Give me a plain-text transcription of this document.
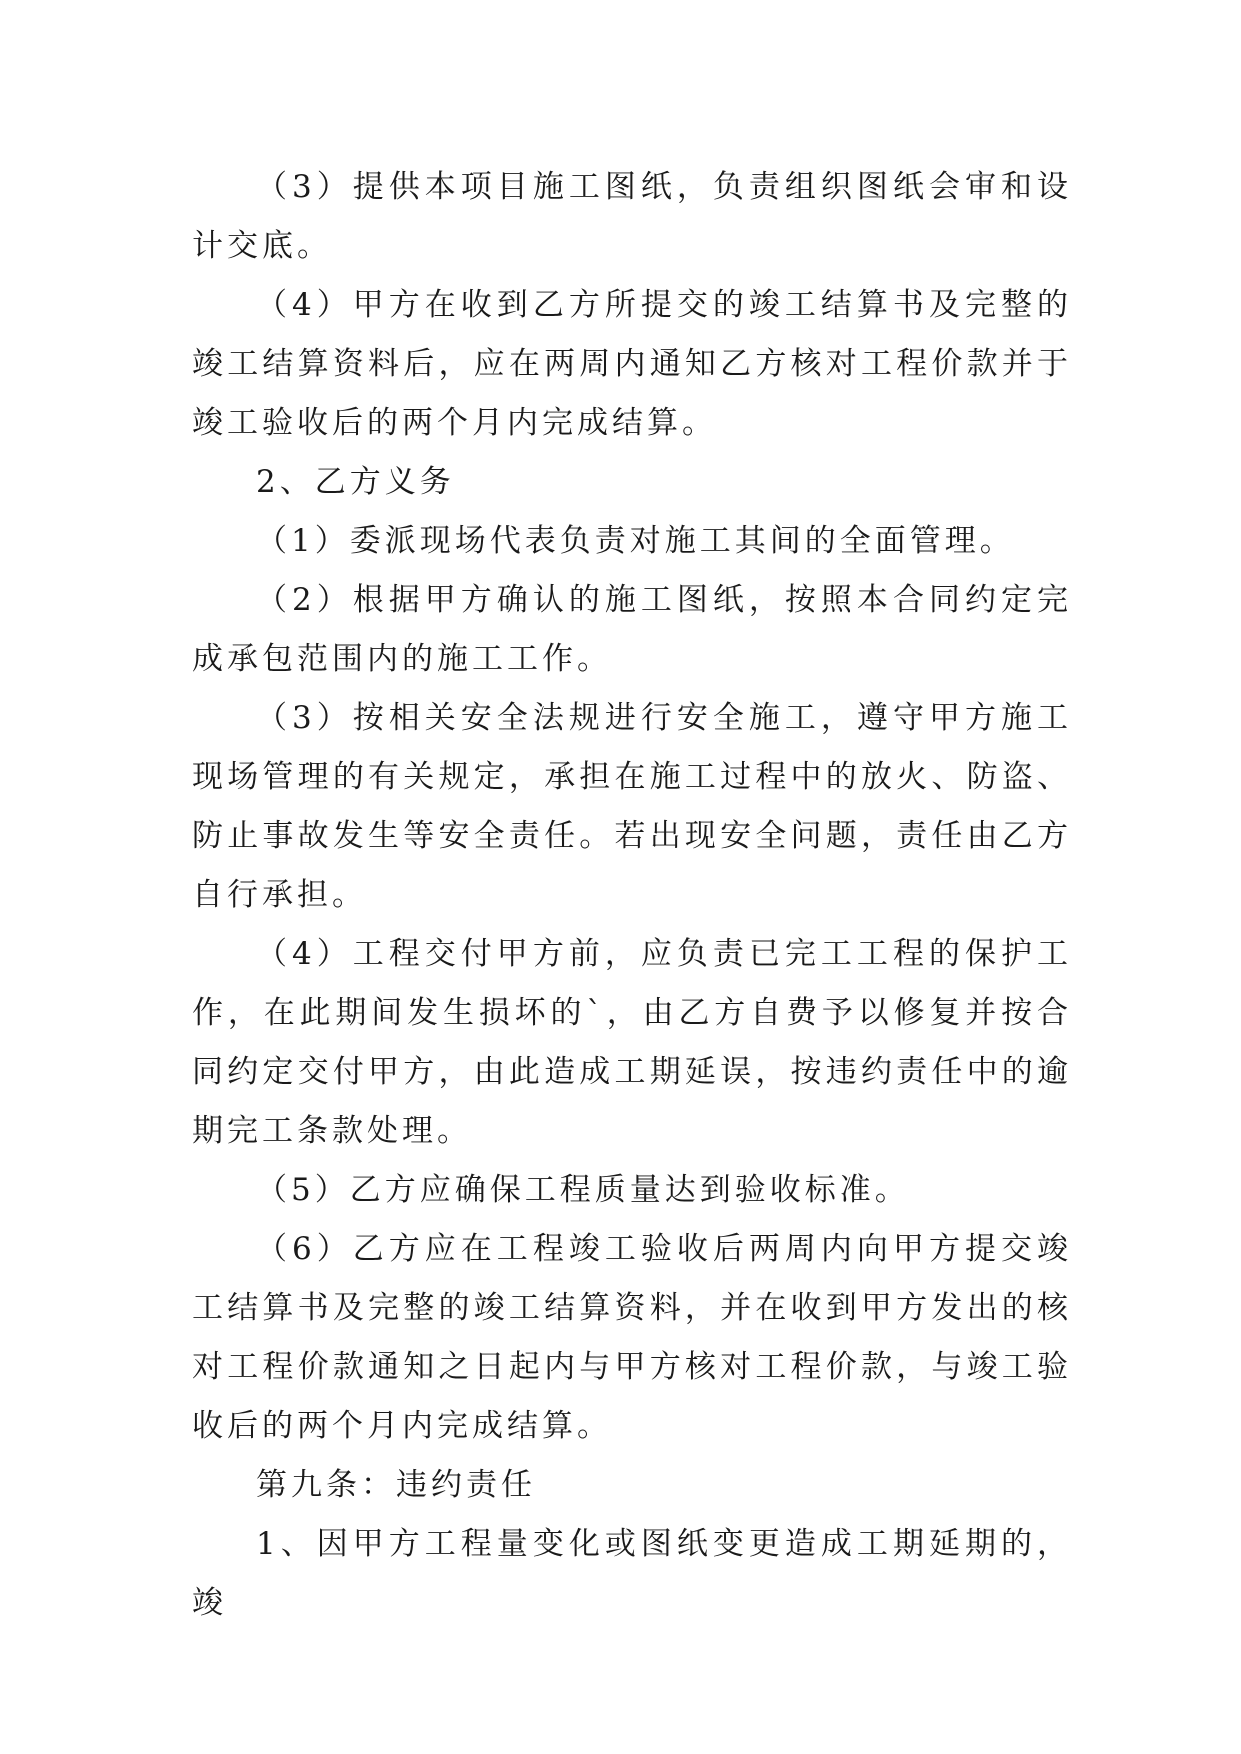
（3）提供本项目施工图纸，负责组织图纸会审和设计交底。

（4）甲方在收到乙方所提交的竣工结算书及完整的竣工结算资料后，应在两周内通知乙方核对工程价款并于竣工验收后的两个月内完成结算。

2、乙方义务

（1）委派现场代表负责对施工其间的全面管理。

（2）根据甲方确认的施工图纸，按照本合同约定完成承包范围内的施工工作。

（3）按相关安全法规进行安全施工，遵守甲方施工现场管理的有关规定，承担在施工过程中的放火、防盗、防止事故发生等安全责任。若出现安全问题，责任由乙方自行承担。

（4）工程交付甲方前，应负责已完工工程的保护工作，在此期间发生损坏的`，由乙方自费予以修复并按合同约定交付甲方，由此造成工期延误，按违约责任中的逾期完工条款处理。

（5）乙方应确保工程质量达到验收标准。

（6）乙方应在工程竣工验收后两周内向甲方提交竣工结算书及完整的竣工结算资料，并在收到甲方发出的核对工程价款通知之日起内与甲方核对工程价款，与竣工验收后的两个月内完成结算。

第九条：违约责任

1、因甲方工程量变化或图纸变更造成工期延期的，竣
